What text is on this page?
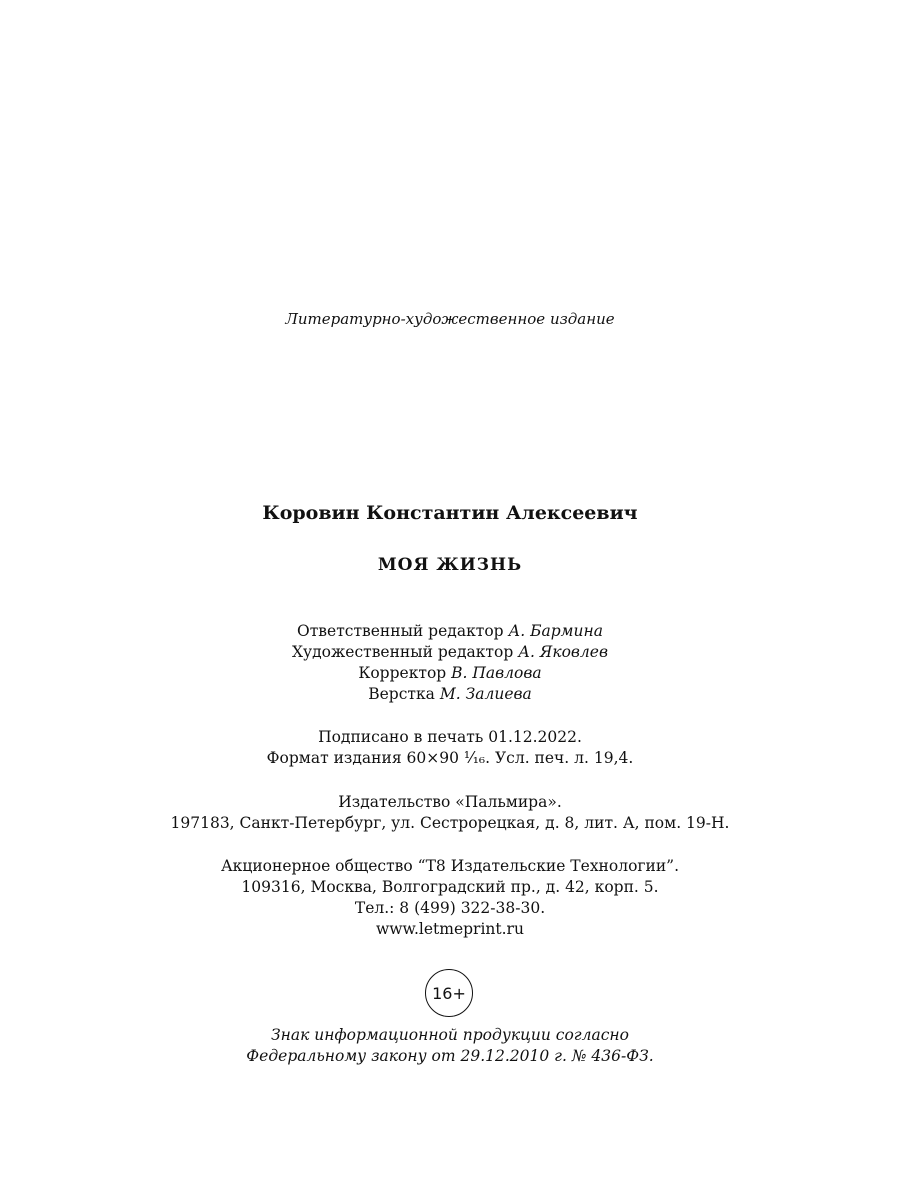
Литературно-художественное издание
Коровин Константин Алексеевич
МОЯ ЖИЗНЬ
Ответственный редактор А. Бармина
Художественный редактор А. Яковлев
Корректор В. Павлова
Верстка М. Залиева
Подписано в печать 01.12.2022.
Формат издания 60×90 ¹⁄₁₆. Усл. печ. л. 19,4.
Издательство «Пальмира».
197183, Санкт-Петербург, ул. Сестрорецкая, д. 8, лит. А, пом. 19-Н.
Акционерное общество “Т8 Издательские Технологии”.
109316, Москва, Волгоградский пр., д. 42, корп. 5.
Тел.: 8 (499) 322-38-30.
www.letmeprint.ru
16+
Знак информационной продукции согласно
Федеральному закону от 29.12.2010 г. № 436-ФЗ.
